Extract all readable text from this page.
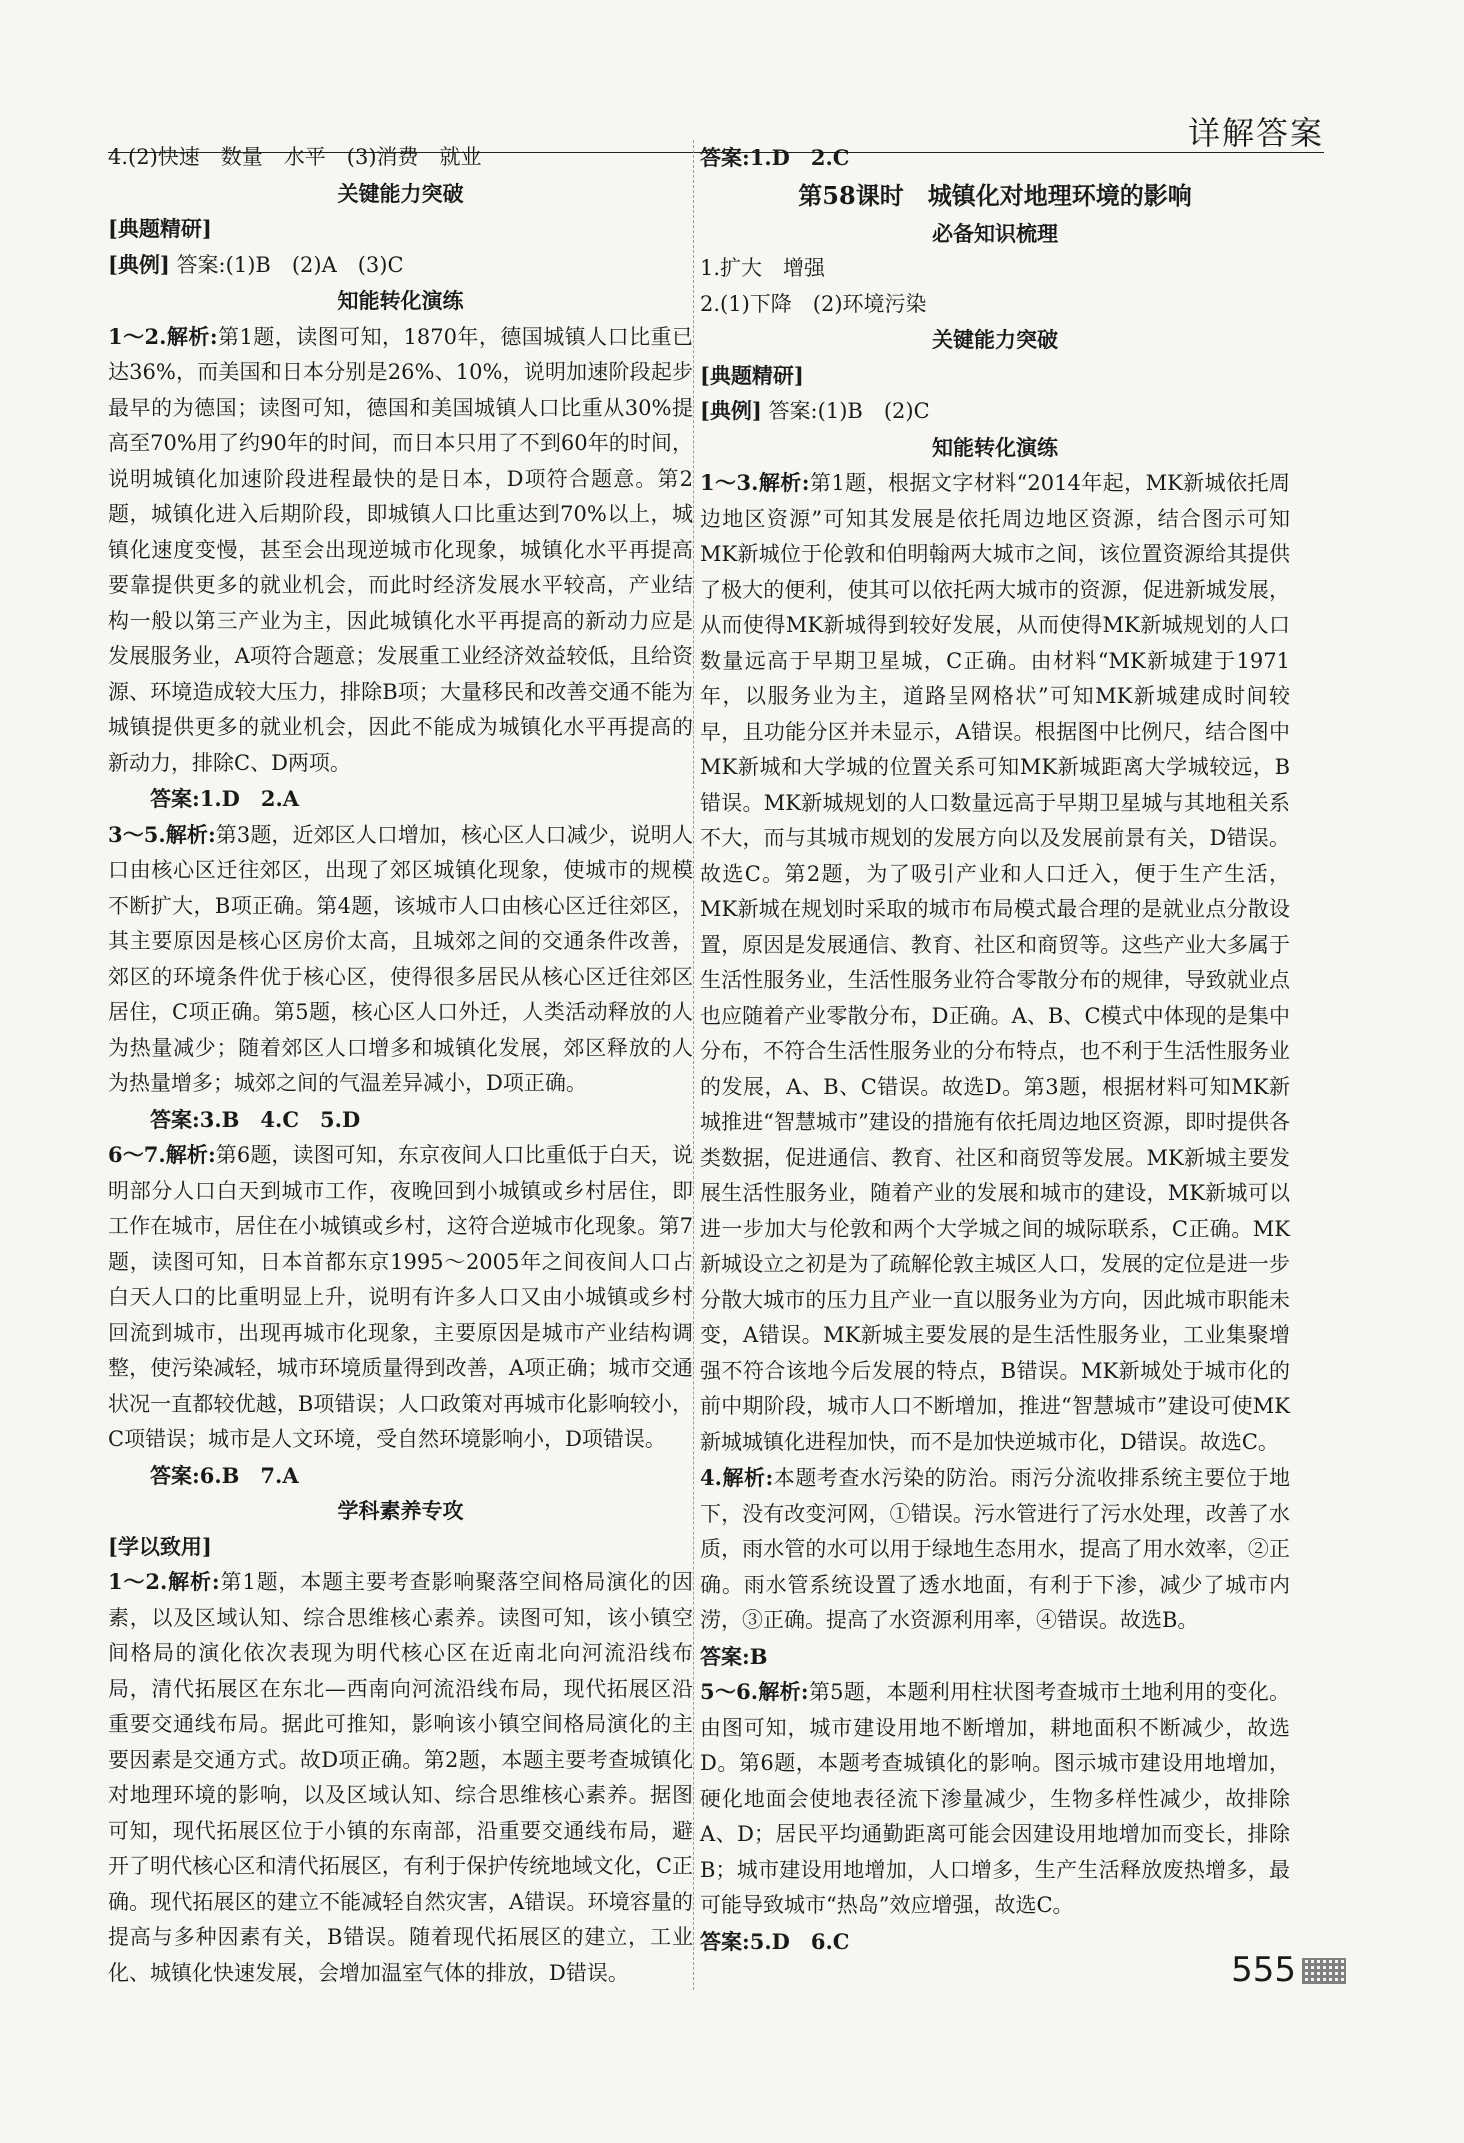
详解答案
4.(2)快速　数量　水平　(3)消费　就业
关键能力突破
[典题精研]
[典例] 答案:(1)B　(2)A　(3)C
知能转化演练
1～2.解析:第1题，读图可知，1870年，德国城镇人口比重已达36%，而美国和日本分别是26%、10%，说明加速阶段起步最早的为德国；读图可知，德国和美国城镇人口比重从30%提高至70%用了约90年的时间，而日本只用了不到60年的时间，说明城镇化加速阶段进程最快的是日本，D项符合题意。第2题，城镇化进入后期阶段，即城镇人口比重达到70%以上，城镇化速度变慢，甚至会出现逆城市化现象，城镇化水平再提高要靠提供更多的就业机会，而此时经济发展水平较高，产业结构一般以第三产业为主，因此城镇化水平再提高的新动力应是发展服务业，A项符合题意；发展重工业经济效益较低，且给资源、环境造成较大压力，排除B项；大量移民和改善交通不能为城镇提供更多的就业机会，因此不能成为城镇化水平再提高的新动力，排除C、D两项。
答案:1.D　2.A
3～5.解析:第3题，近郊区人口增加，核心区人口减少，说明人口由核心区迁往郊区，出现了郊区城镇化现象，使城市的规模不断扩大，B项正确。第4题，该城市人口由核心区迁往郊区，其主要原因是核心区房价太高，且城郊之间的交通条件改善，郊区的环境条件优于核心区，使得很多居民从核心区迁往郊区居住，C项正确。第5题，核心区人口外迁，人类活动释放的人为热量减少；随着郊区人口增多和城镇化发展，郊区释放的人为热量增多；城郊之间的气温差异减小，D项正确。
答案:3.B　4.C　5.D
6～7.解析:第6题，读图可知，东京夜间人口比重低于白天，说明部分人口白天到城市工作，夜晚回到小城镇或乡村居住，即工作在城市，居住在小城镇或乡村，这符合逆城市化现象。第7题，读图可知，日本首都东京1995～2005年之间夜间人口占白天人口的比重明显上升，说明有许多人口又由小城镇或乡村回流到城市，出现再城市化现象，主要原因是城市产业结构调整，使污染减轻，城市环境质量得到改善，A项正确；城市交通状况一直都较优越，B项错误；人口政策对再城市化影响较小，C项错误；城市是人文环境，受自然环境影响小，D项错误。
答案:6.B　7.A
学科素养专攻
[学以致用]
1～2.解析:第1题，本题主要考查影响聚落空间格局演化的因素，以及区域认知、综合思维核心素养。读图可知，该小镇空间格局的演化依次表现为明代核心区在近南北向河流沿线布局，清代拓展区在东北—西南向河流沿线布局，现代拓展区沿重要交通线布局。据此可推知，影响该小镇空间格局演化的主要因素是交通方式。故D项正确。第2题，本题主要考查城镇化对地理环境的影响，以及区域认知、综合思维核心素养。据图可知，现代拓展区位于小镇的东南部，沿重要交通线布局，避开了明代核心区和清代拓展区，有利于保护传统地域文化，C正确。现代拓展区的建立不能减轻自然灾害，A错误。环境容量的提高与多种因素有关，B错误。随着现代拓展区的建立，工业化、城镇化快速发展，会增加温室气体的排放，D错误。
答案:1.D　2.C
第58课时　城镇化对地理环境的影响
必备知识梳理
1.扩大　增强
2.(1)下降　(2)环境污染
关键能力突破
[典题精研]
[典例] 答案:(1)B　(2)C
知能转化演练
1～3.解析:第1题，根据文字材料“2014年起，MK新城依托周边地区资源”可知其发展是依托周边地区资源，结合图示可知MK新城位于伦敦和伯明翰两大城市之间，该位置资源给其提供了极大的便利，使其可以依托两大城市的资源，促进新城发展，从而使得MK新城得到较好发展，从而使得MK新城规划的人口数量远高于早期卫星城，C正确。由材料“MK新城建于1971年，以服务业为主，道路呈网格状”可知MK新城建成时间较早，且功能分区并未显示，A错误。根据图中比例尺，结合图中MK新城和大学城的位置关系可知MK新城距离大学城较远，B错误。MK新城规划的人口数量远高于早期卫星城与其地租关系不大，而与其城市规划的发展方向以及发展前景有关，D错误。故选C。第2题，为了吸引产业和人口迁入，便于生产生活，MK新城在规划时采取的城市布局模式最合理的是就业点分散设置，原因是发展通信、教育、社区和商贸等。这些产业大多属于生活性服务业，生活性服务业符合零散分布的规律，导致就业点也应随着产业零散分布，D正确。A、B、C模式中体现的是集中分布，不符合生活性服务业的分布特点，也不利于生活性服务业的发展，A、B、C错误。故选D。第3题，根据材料可知MK新城推进“智慧城市”建设的措施有依托周边地区资源，即时提供各类数据，促进通信、教育、社区和商贸等发展。MK新城主要发展生活性服务业，随着产业的发展和城市的建设，MK新城可以进一步加大与伦敦和两个大学城之间的城际联系，C正确。MK新城设立之初是为了疏解伦敦主城区人口，发展的定位是进一步分散大城市的压力且产业一直以服务业为方向，因此城市职能未变，A错误。MK新城主要发展的是生活性服务业，工业集聚增强不符合该地今后发展的特点，B错误。MK新城处于城市化的前中期阶段，城市人口不断增加，推进“智慧城市”建设可使MK新城城镇化进程加快，而不是加快逆城市化，D错误。故选C。
4.解析:本题考查水污染的防治。雨污分流收排系统主要位于地下，没有改变河网，①错误。污水管进行了污水处理，改善了水质，雨水管的水可以用于绿地生态用水，提高了用水效率，②正确。雨水管系统设置了透水地面，有利于下渗，减少了城市内涝，③正确。提高了水资源利用率，④错误。故选B。
答案:B
5～6.解析:第5题，本题利用柱状图考查城市土地利用的变化。由图可知，城市建设用地不断增加，耕地面积不断减少，故选D。第6题，本题考查城镇化的影响。图示城市建设用地增加，硬化地面会使地表径流下渗量减少，生物多样性减少，故排除A、D；居民平均通勤距离可能会因建设用地增加而变长，排除B；城市建设用地增加，人口增多，生产生活释放废热增多，最可能导致城市“热岛”效应增强，故选C。
答案:5.D　6.C
555
